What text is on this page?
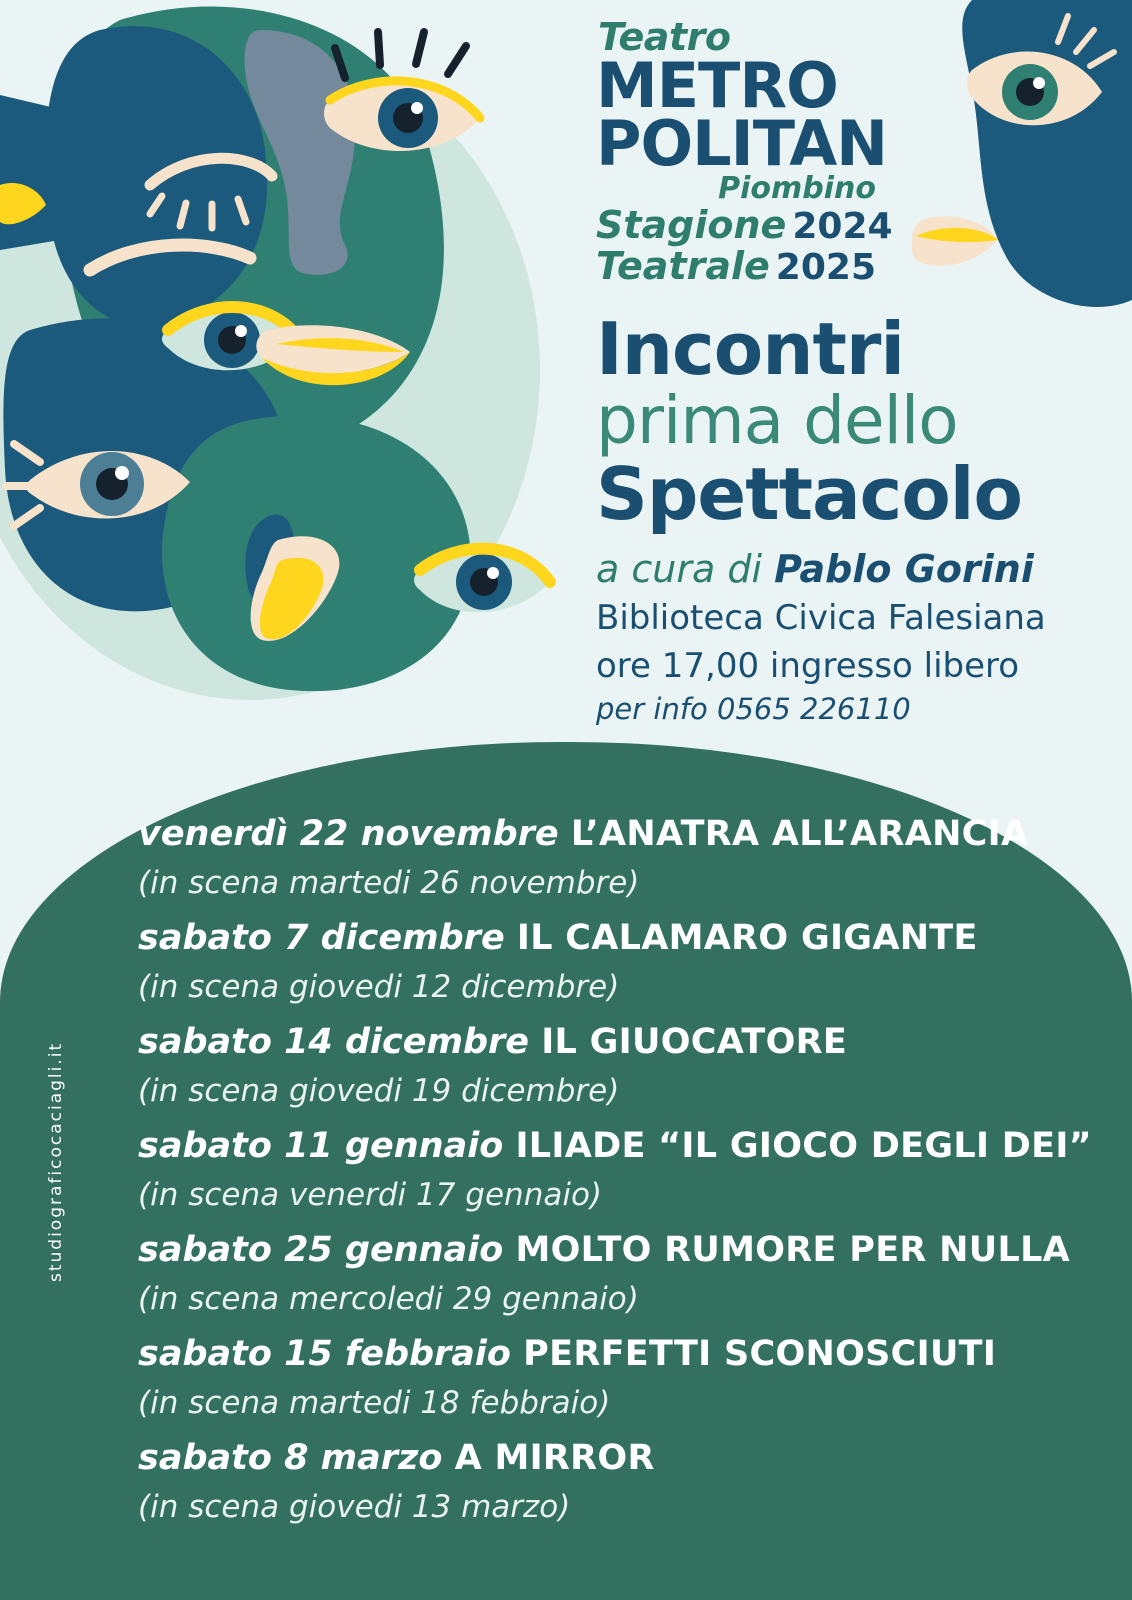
Teatro
METRO
POLITAN
Piombino
Stagione 2024
Teatrale 2025
Incontri
prima dello
Spettacolo
a cura di Pablo Gorini
Biblioteca Civica Falesiana
ore 17,00 ingresso libero
per info 0565 226110
venerdì 22 novembre L’ANATRA ALL’ARANCIA
(in scena martedi 26 novembre)
sabato 7 dicembre IL CALAMARO GIGANTE
(in scena giovedi 12 dicembre)
sabato 14 dicembre IL GIUOCATORE
(in scena giovedi 19 dicembre)
sabato 11 gennaio ILIADE “IL GIOCO DEGLI DEI”
(in scena venerdi 17 gennaio)
sabato 25 gennaio MOLTO RUMORE PER NULLA
(in scena mercoledi 29 gennaio)
sabato 15 febbraio PERFETTI SCONOSCIUTI
(in scena martedi 18 febbraio)
sabato 8 marzo A MIRROR
(in scena giovedi 13 marzo)
studiograficocaciagli.it
